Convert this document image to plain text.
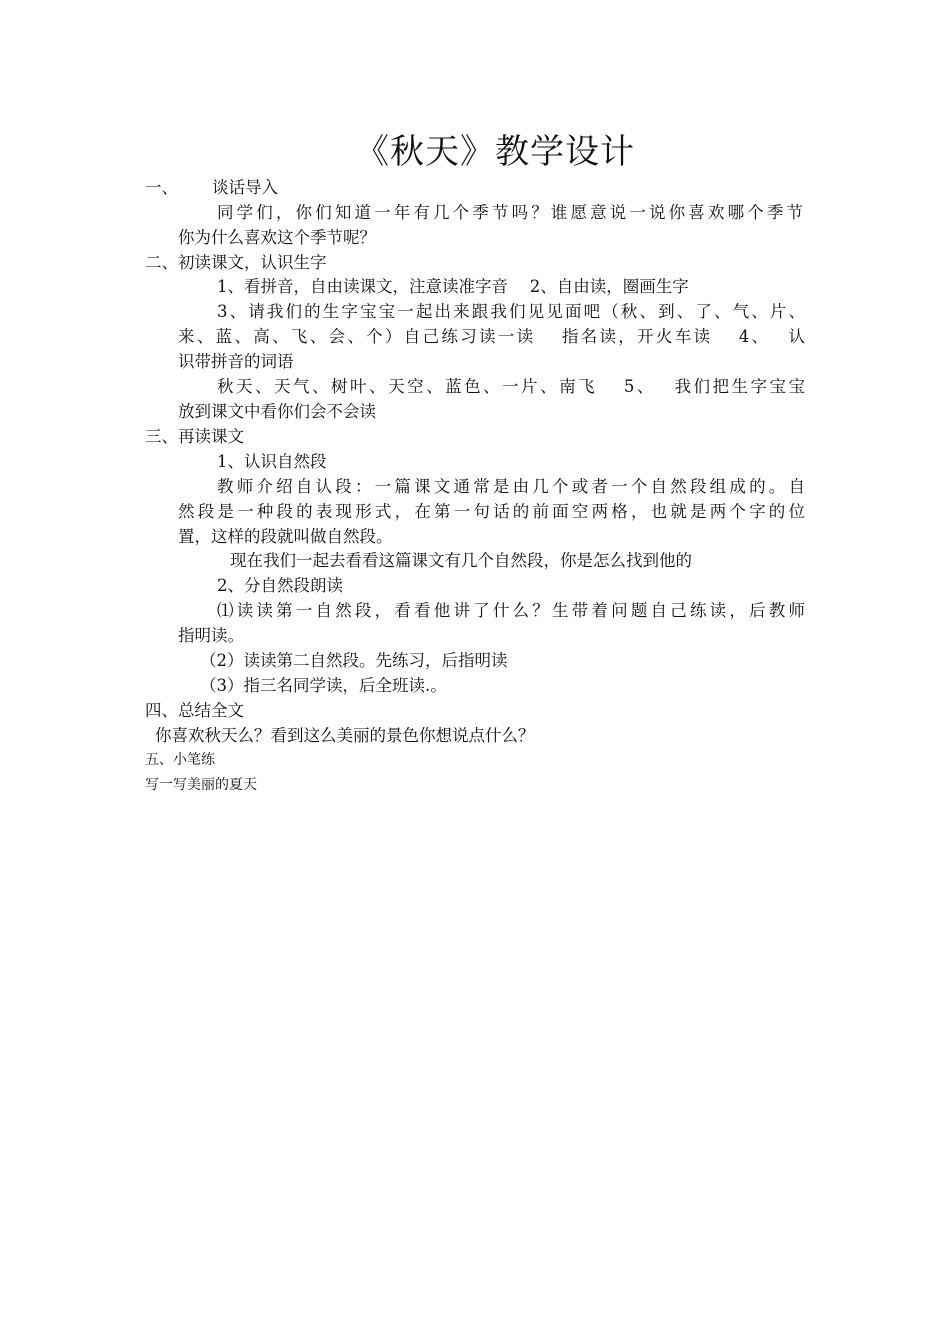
《秋天》教学设计
一、 谈话导入
同学们，你们知道一年有几个季节吗？谁愿意说一说你喜欢哪个季节
你为什么喜欢这个季节呢？
二、初读课文，认识生字
1、看拼音，自由读课文，注意读准字音　 2、自由读，圈画生字
3、请我们的生字宝宝一起出来跟我们见见面吧（秋、到、了、气、片、
来、蓝、高、飞、会、个）自己练习读一读　 指名读，开火车读　 4、　 认
识带拼音的词语
秋天、天气、树叶、天空、蓝色、一片、南飞　 5、　 我们把生字宝宝
放到课文中看你们会不会读
三、再读课文
1、认识自然段
教师介绍自认段：一篇课文通常是由几个或者一个自然段组成的。自
然段是一种段的表现形式，在第一句话的前面空两格，也就是两个字的位
置，这样的段就叫做自然段。
现在我们一起去看看这篇课文有几个自然段，你是怎么找到他的
2、分自然段朗读
⑴读读第一自然段，看看他讲了什么？生带着问题自己练读，后教师
指明读。
（2）读读第二自然段。先练习，后指明读
（3）指三名同学读，后全班读.。
四、总结全文
你喜欢秋天么？看到这么美丽的景色你想说点什么？
五、小笔练
写一写美丽的夏天
